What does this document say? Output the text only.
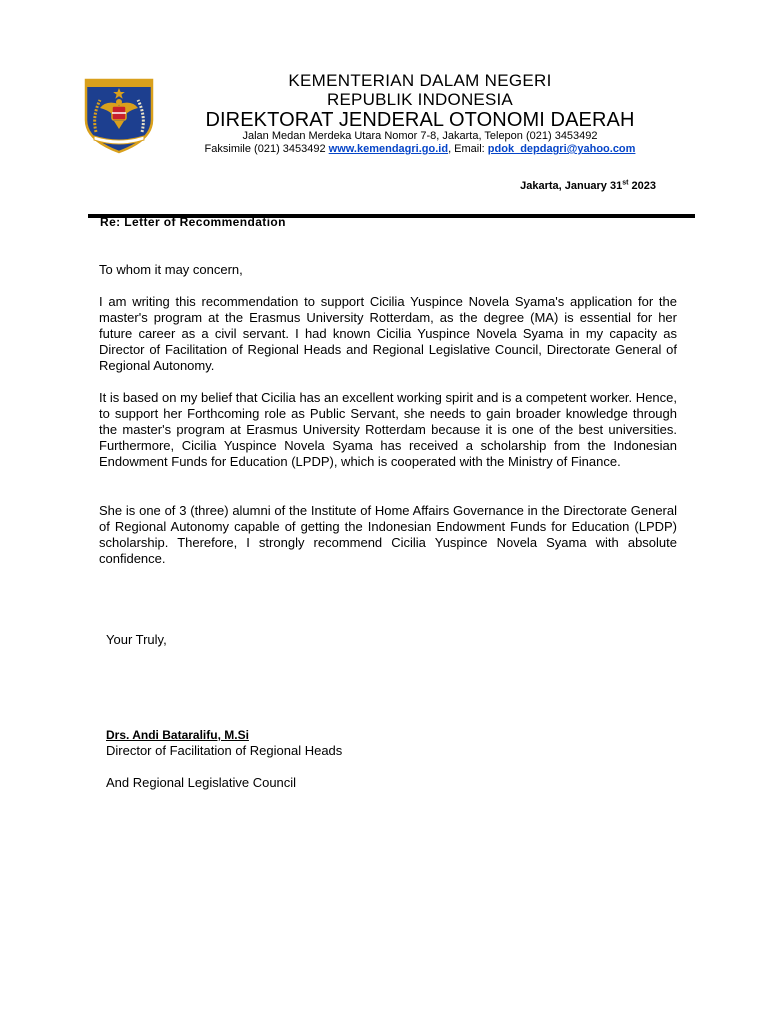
KEMENTERIAN DALAM NEGERI
REPUBLIK INDONESIA
DIREKTORAT JENDERAL OTONOMI DAERAH
Jalan Medan Merdeka Utara Nomor 7-8, Jakarta, Telepon (021) 3453492
Faksimile (021) 3453492 www.kemendagri.go.id, Email: pdok_depdagri@yahoo.com
Jakarta, January 31st 2023
Re: Letter of Recommendation

To whom it may concern,

I am writing this recommendation to support Cicilia Yuspince Novela Syama's application for the master's program at the Erasmus University Rotterdam, as the degree (MA) is essential for her future career as a civil servant. I had known Cicilia Yuspince Novela Syama in my capacity as Director of Facilitation of Regional Heads and Regional Legislative Council, Directorate General of Regional Autonomy.

It is based on my belief that Cicilia has an excellent working spirit and is a competent worker. Hence, to support her Forthcoming role as Public Servant, she needs to gain broader knowledge through the master's program at Erasmus University Rotterdam because it is one of the best universities. Furthermore, Cicilia Yuspince Novela Syama has received a scholarship from the Indonesian Endowment Funds for Education (LPDP), which is cooperated with the Ministry of Finance.

She is one of 3 (three) alumni of the Institute of Home Affairs Governance in the Directorate General of Regional Autonomy capable of getting the Indonesian Endowment Funds for Education (LPDP) scholarship. Therefore, I strongly recommend Cicilia Yuspince Novela Syama with absolute confidence.

Your Truly,
Drs. Andi Bataralifu, M.Si
Director of Facilitation of Regional Heads
And Regional Legislative Council
